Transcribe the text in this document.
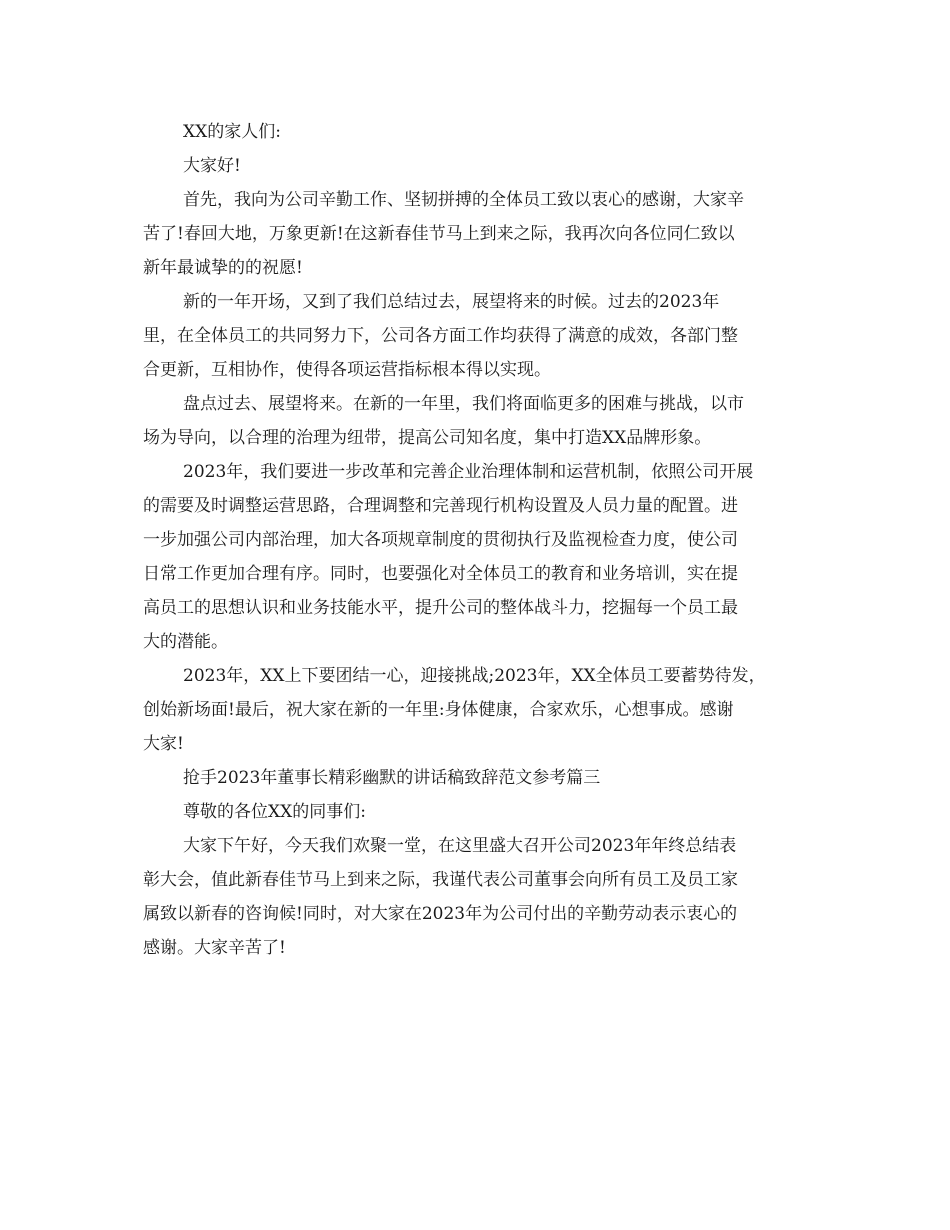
XX的家人们:
大家好!
首先，我向为公司辛勤工作、坚韧拼搏的全体员工致以衷心的感谢，大家辛
苦了!春回大地，万象更新!在这新春佳节马上到来之际，我再次向各位同仁致以
新年最诚挚的的祝愿!
新的一年开场，又到了我们总结过去，展望将来的时候。过去的2023年
里，在全体员工的共同努力下，公司各方面工作均获得了满意的成效，各部门整
合更新，互相协作，使得各项运营指标根本得以实现。
盘点过去、展望将来。在新的一年里，我们将面临更多的困难与挑战，以市
场为导向，以合理的治理为纽带，提高公司知名度，集中打造XX品牌形象。
2023年，我们要进一步改革和完善企业治理体制和运营机制，依照公司开展
的需要及时调整运营思路，合理调整和完善现行机构设置及人员力量的配置。进
一步加强公司内部治理，加大各项规章制度的贯彻执行及监视检查力度，使公司
日常工作更加合理有序。同时，也要强化对全体员工的教育和业务培训，实在提
高员工的思想认识和业务技能水平，提升公司的整体战斗力，挖掘每一个员工最
大的潜能。
2023年，XX上下要团结一心，迎接挑战;2023年，XX全体员工要蓄势待发，
创始新场面!最后，祝大家在新的一年里:身体健康，合家欢乐，心想事成。感谢
大家!
抢手2023年董事长精彩幽默的讲话稿致辞范文参考篇三
尊敬的各位XX的同事们:
大家下午好，今天我们欢聚一堂，在这里盛大召开公司2023年年终总结表
彰大会，值此新春佳节马上到来之际，我谨代表公司董事会向所有员工及员工家
属致以新春的咨询候!同时，对大家在2023年为公司付出的辛勤劳动表示衷心的
感谢。大家辛苦了!
